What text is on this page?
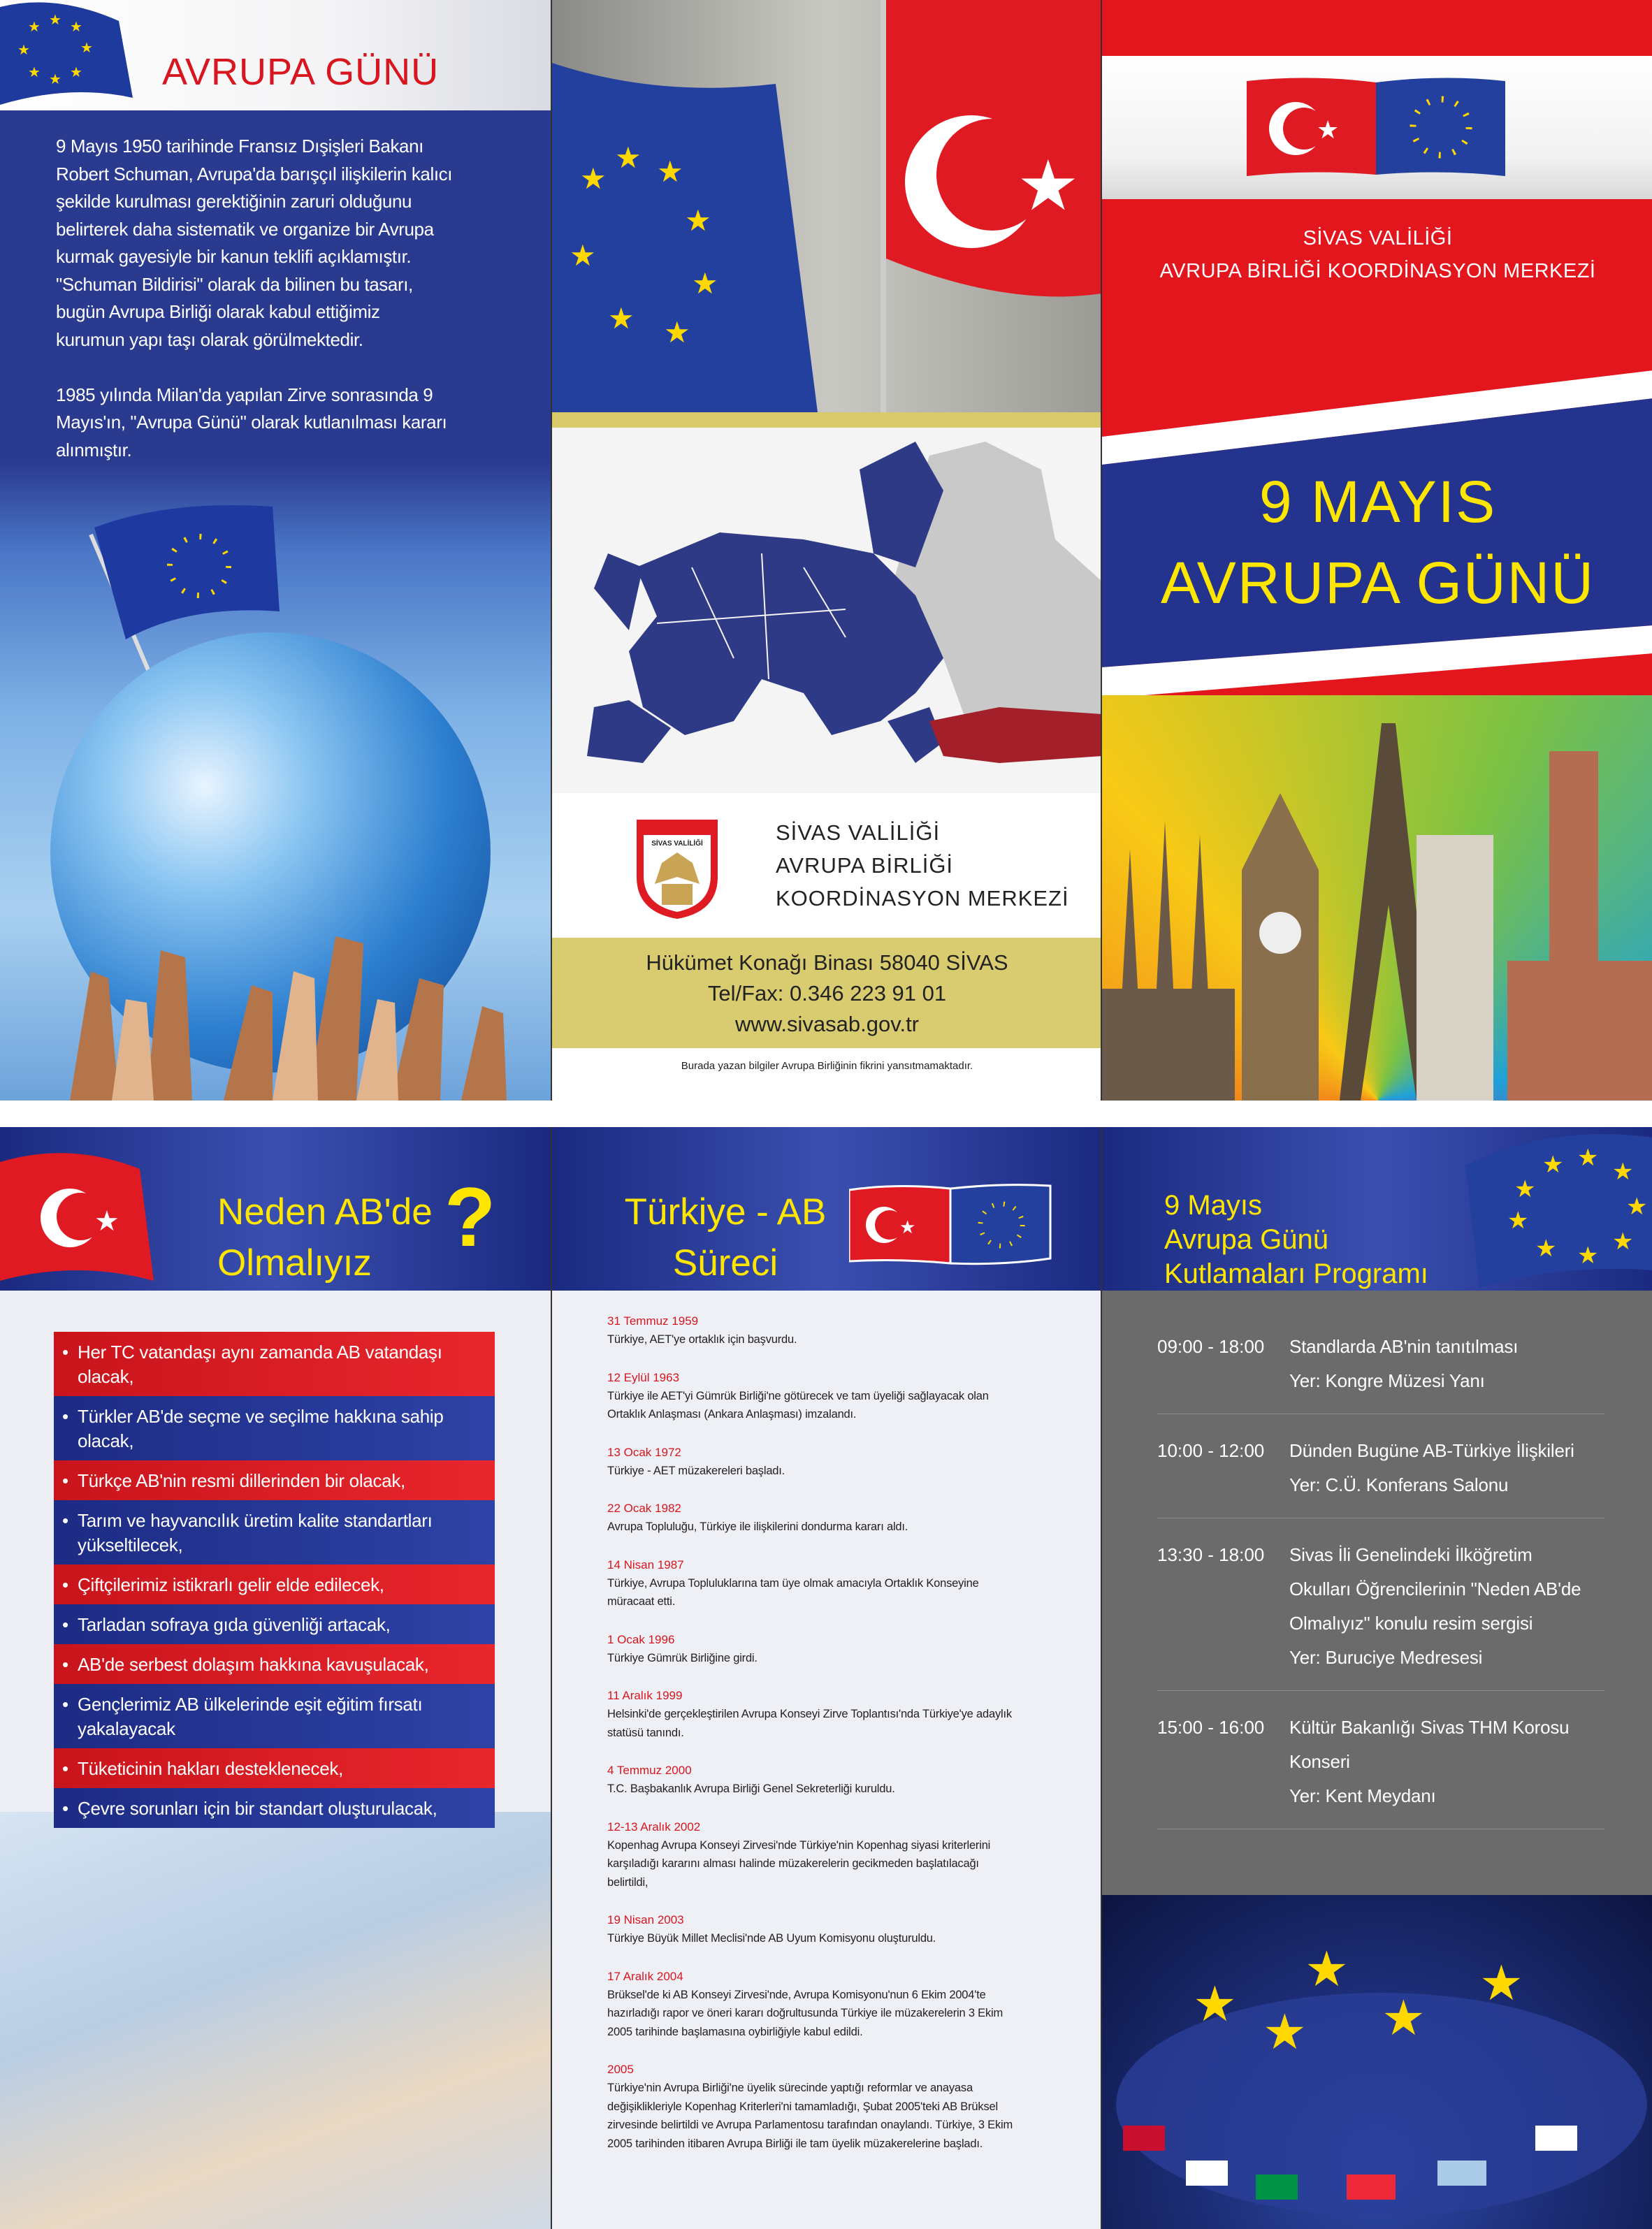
★ ★ ★
★
★
★
★
★
AVRUPA GÜNÜ
9 Mayıs 1950 tarihinde Fransız Dışişleri Bakanı
Robert Schuman, Avrupa'da barışçıl ilişkilerin kalıcı
şekilde kurulması gerektiğinin zaruri olduğunu
belirterek daha sistematik ve organize bir Avrupa
kurmak gayesiyle bir kanun teklifi açıklamıştır.
"Schuman Bildirisi" olarak da bilinen bu tasarı,
bugün Avrupa Birliği olarak kabul ettiğimiz
kurumun yapı taşı olarak görülmektedir.

1985 yılında Milan'da yapılan Zirve sonrasında 9
Mayıs'ın, "Avrupa Günü" olarak kutlanılması kararı
alınmıştır.
★
★ ★
★
★
★
★
★
★
SİVAS VALİLİĞİ	SİVAS VALİLİĞİ
AVRUPA BİRLİĞİ
KOORDİNASYON MERKEZİ
Hükümet Konağı Binası 58040 SİVAS
Tel/Fax: 0.346 223 91 01
www.sivasab.gov.tr
Burada yazan bilgiler Avrupa Birliğinin fikrini yansıtmamaktadır.
★
SİVAS VALİLİĞİ
AVRUPA BİRLİĞİ KOORDİNASYON MERKEZİ
9 MAYIS
AVRUPA GÜNÜ
★	Neden AB'de
Olmalıyız ?
• Her TC vatandaşı aynı zamanda AB vatandaşı olacak,
• Türkler AB'de seçme ve seçilme hakkına sahip olacak,
• Türkçe AB'nin resmi dillerinden bir olacak,
• Tarım ve hayvancılık üretim kalite standartları yükseltilecek,
• Çiftçilerimiz istikrarlı gelir elde edilecek,
• Tarladan sofraya gıda güvenliği artacak,
• AB'de serbest dolaşım hakkına kavuşulacak,
• Gençlerimiz AB ülkelerinde eşit eğitim fırsatı yakalayacak
• Tüketicinin hakları desteklenecek,
• Çevre sorunları için bir standart oluşturulacak,
Türkiye - AB
Süreci
★
31 Temmuz 1959
Türkiye, AET'ye ortaklık için başvurdu.
12 Eylül 1963
Türkiye ile AET'yi Gümrük Birliği'ne götürecek ve tam üyeliği sağlayacak olan
Ortaklık Anlaşması (Ankara Anlaşması) imzalandı.
13 Ocak 1972
Türkiye - AET müzakereleri başladı.
22 Ocak 1982
Avrupa Topluluğu, Türkiye ile ilişkilerini dondurma kararı aldı.
14 Nisan 1987
Türkiye, Avrupa Topluluklarına tam üye olmak amacıyla Ortaklık Konseyine
müracaat etti.
1 Ocak 1996
Türkiye Gümrük Birliğine girdi.
11 Aralık 1999
Helsinki'de gerçekleştirilen Avrupa Konseyi Zirve Toplantısı'nda Türkiye'ye adaylık
statüsü tanındı.
4 Temmuz 2000
T.C. Başbakanlık Avrupa Birliği Genel Sekreterliği kuruldu.
12-13 Aralık 2002
Kopenhag Avrupa Konseyi Zirvesi'nde Türkiye'nin Kopenhag siyasi kriterlerini
karşıladığı kararını alması halinde müzakerelerin gecikmeden başlatılacağı
belirtildi,
19 Nisan 2003
Türkiye Büyük Millet Meclisi'nde AB Uyum Komisyonu oluşturuldu.
17 Aralık 2004
Brüksel'de ki AB Konseyi Zirvesi'nde, Avrupa Komisyonu'nun 6 Ekim 2004'te
hazırladığı rapor ve öneri kararı doğrultusunda Türkiye ile müzakerelerin 3 Ekim
2005 tarihinde başlamasına oybirliğiyle kabul edildi.
2005
Türkiye'nin Avrupa Birliği'ne üyelik sürecinde yaptığı reformlar ve anayasa
değişiklikleriyle Kopenhag Kriterleri'ni tamamladığı, Şubat 2005'teki AB Brüksel
zirvesinde belirtildi ve Avrupa Parlamentosu tarafından onaylandı. Türkiye, 3 Ekim
2005 tarihinden itibaren Avrupa Birliği ile tam üyelik müzakerelerine başladı.
★
★ ★ ★
★
★
★
★
★
9 Mayıs
Avrupa Günü
Kutlamaları Programı
09:00 - 18:00	Standlarda AB'nin tanıtılması
Yer: Kongre Müzesi Yanı
10:00 - 12:00	Dünden Bugüne AB-Türkiye İlişkileri
Yer: C.Ü. Konferans Salonu
13:30 - 18:00	Sivas İli Genelindeki İlköğretim
Okulları Öğrencilerinin "Neden AB'de
Olmalıyız" konulu resim sergisi
Yer: Buruciye Medresesi
15:00 - 16:00	Kültür Bakanlığı Sivas THM Korosu
Konseri
Yer: Kent Meydanı
★ ★
★
★
★
